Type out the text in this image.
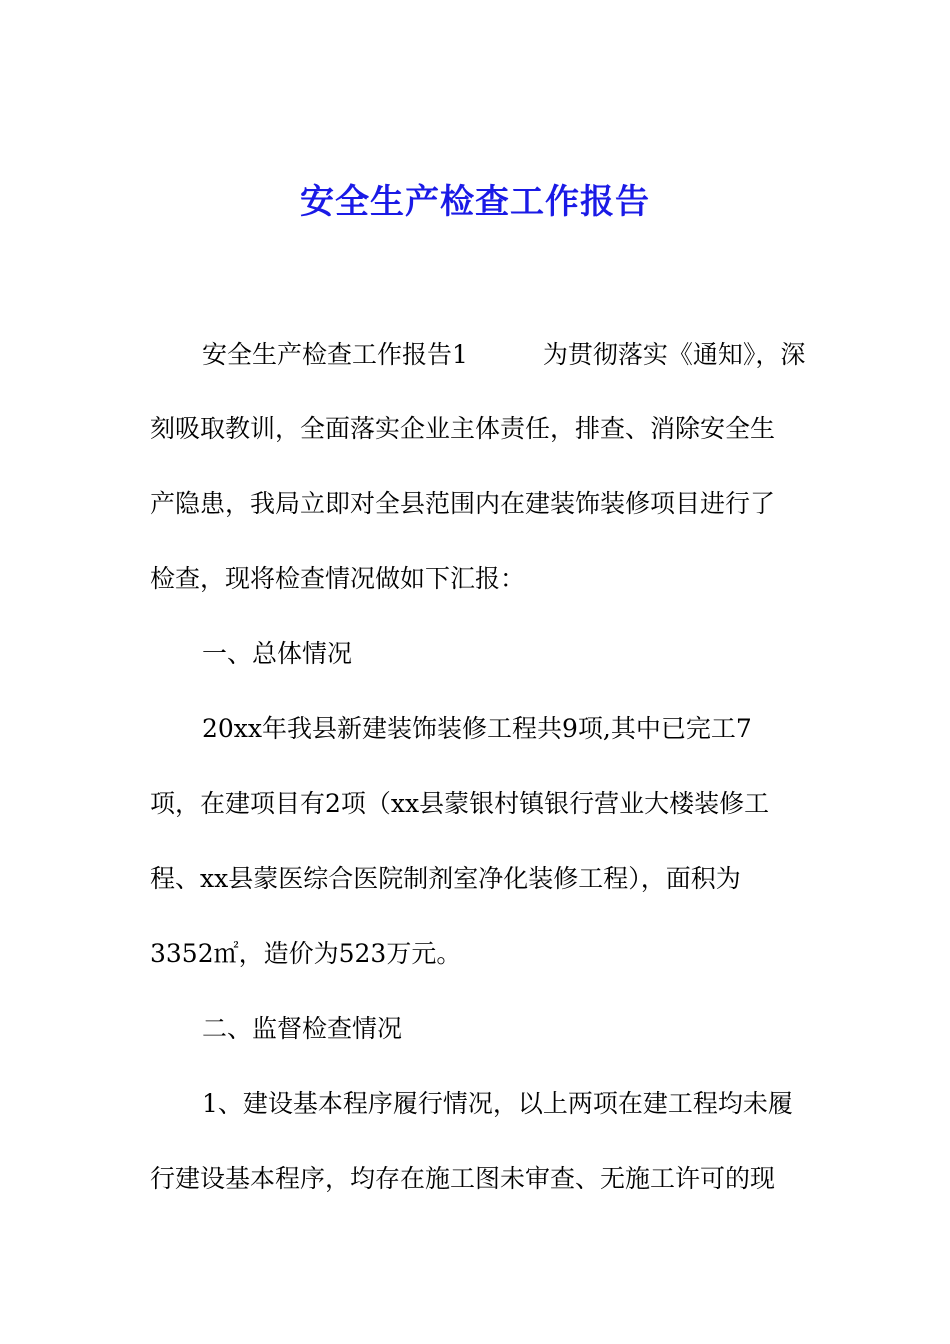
安全生产检查工作报告

安全生产检查工作报告1　　　为贯彻落实《通知》，深

刻吸取教训，全面落实企业主体责任，排查、消除安全生

产隐患，我局立即对全县范围内在建装饰装修项目进行了

检查，现将检查情况做如下汇报：

一、总体情况

20xx年我县新建装饰装修工程共9项,其中已完工7

项，在建项目有2项（xx县蒙银村镇银行营业大楼装修工

程、xx县蒙医综合医院制剂室净化装修工程），面积为

3352㎡，造价为523万元。

二、监督检查情况

1、建设基本程序履行情况，以上两项在建工程均未履

行建设基本程序，均存在施工图未审查、无施工许可的现
